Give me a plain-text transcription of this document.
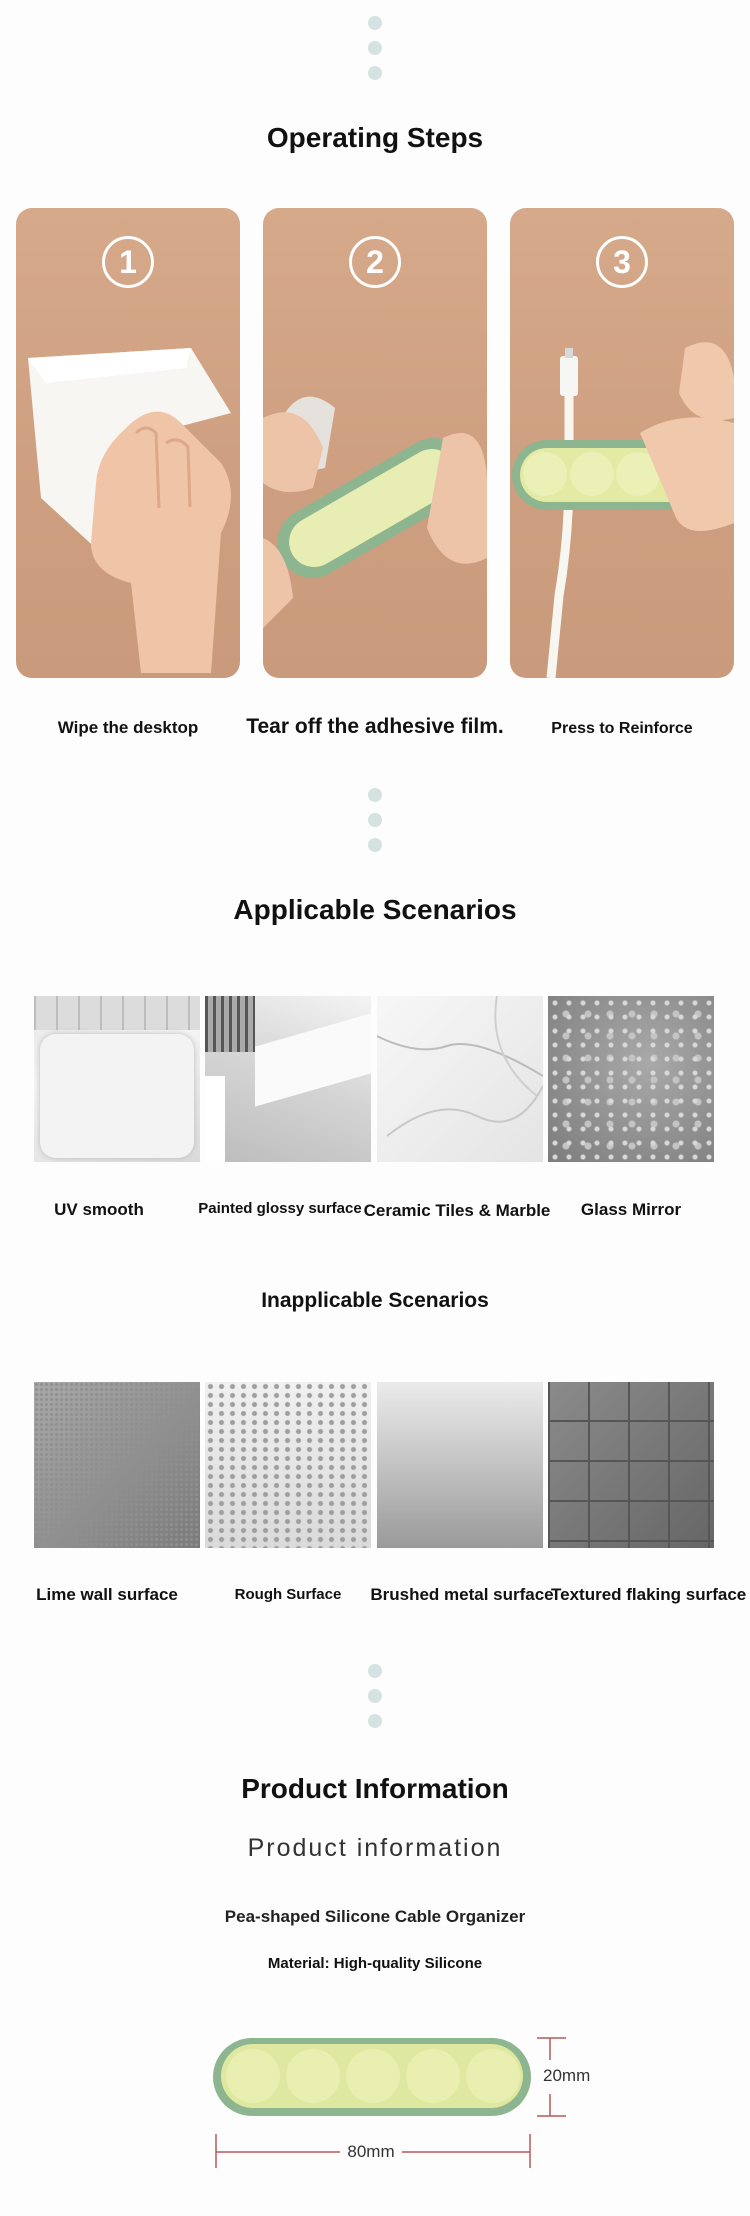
Operating Steps
1	2	3
Wipe the desktop	Tear off the adhesive film.	Press to Reinforce
Applicable Scenarios
UV smooth	Painted glossy surface Ceramic Tiles & Marble	Glass Mirror
Inapplicable Scenarios
Lime wall surface	Rough Surface	Brushed metal surface
Textured flaking surface
Product Information
Product information
Pea-shaped Silicone Cable Organizer
Material: High-quality Silicone
20mm
80mm
